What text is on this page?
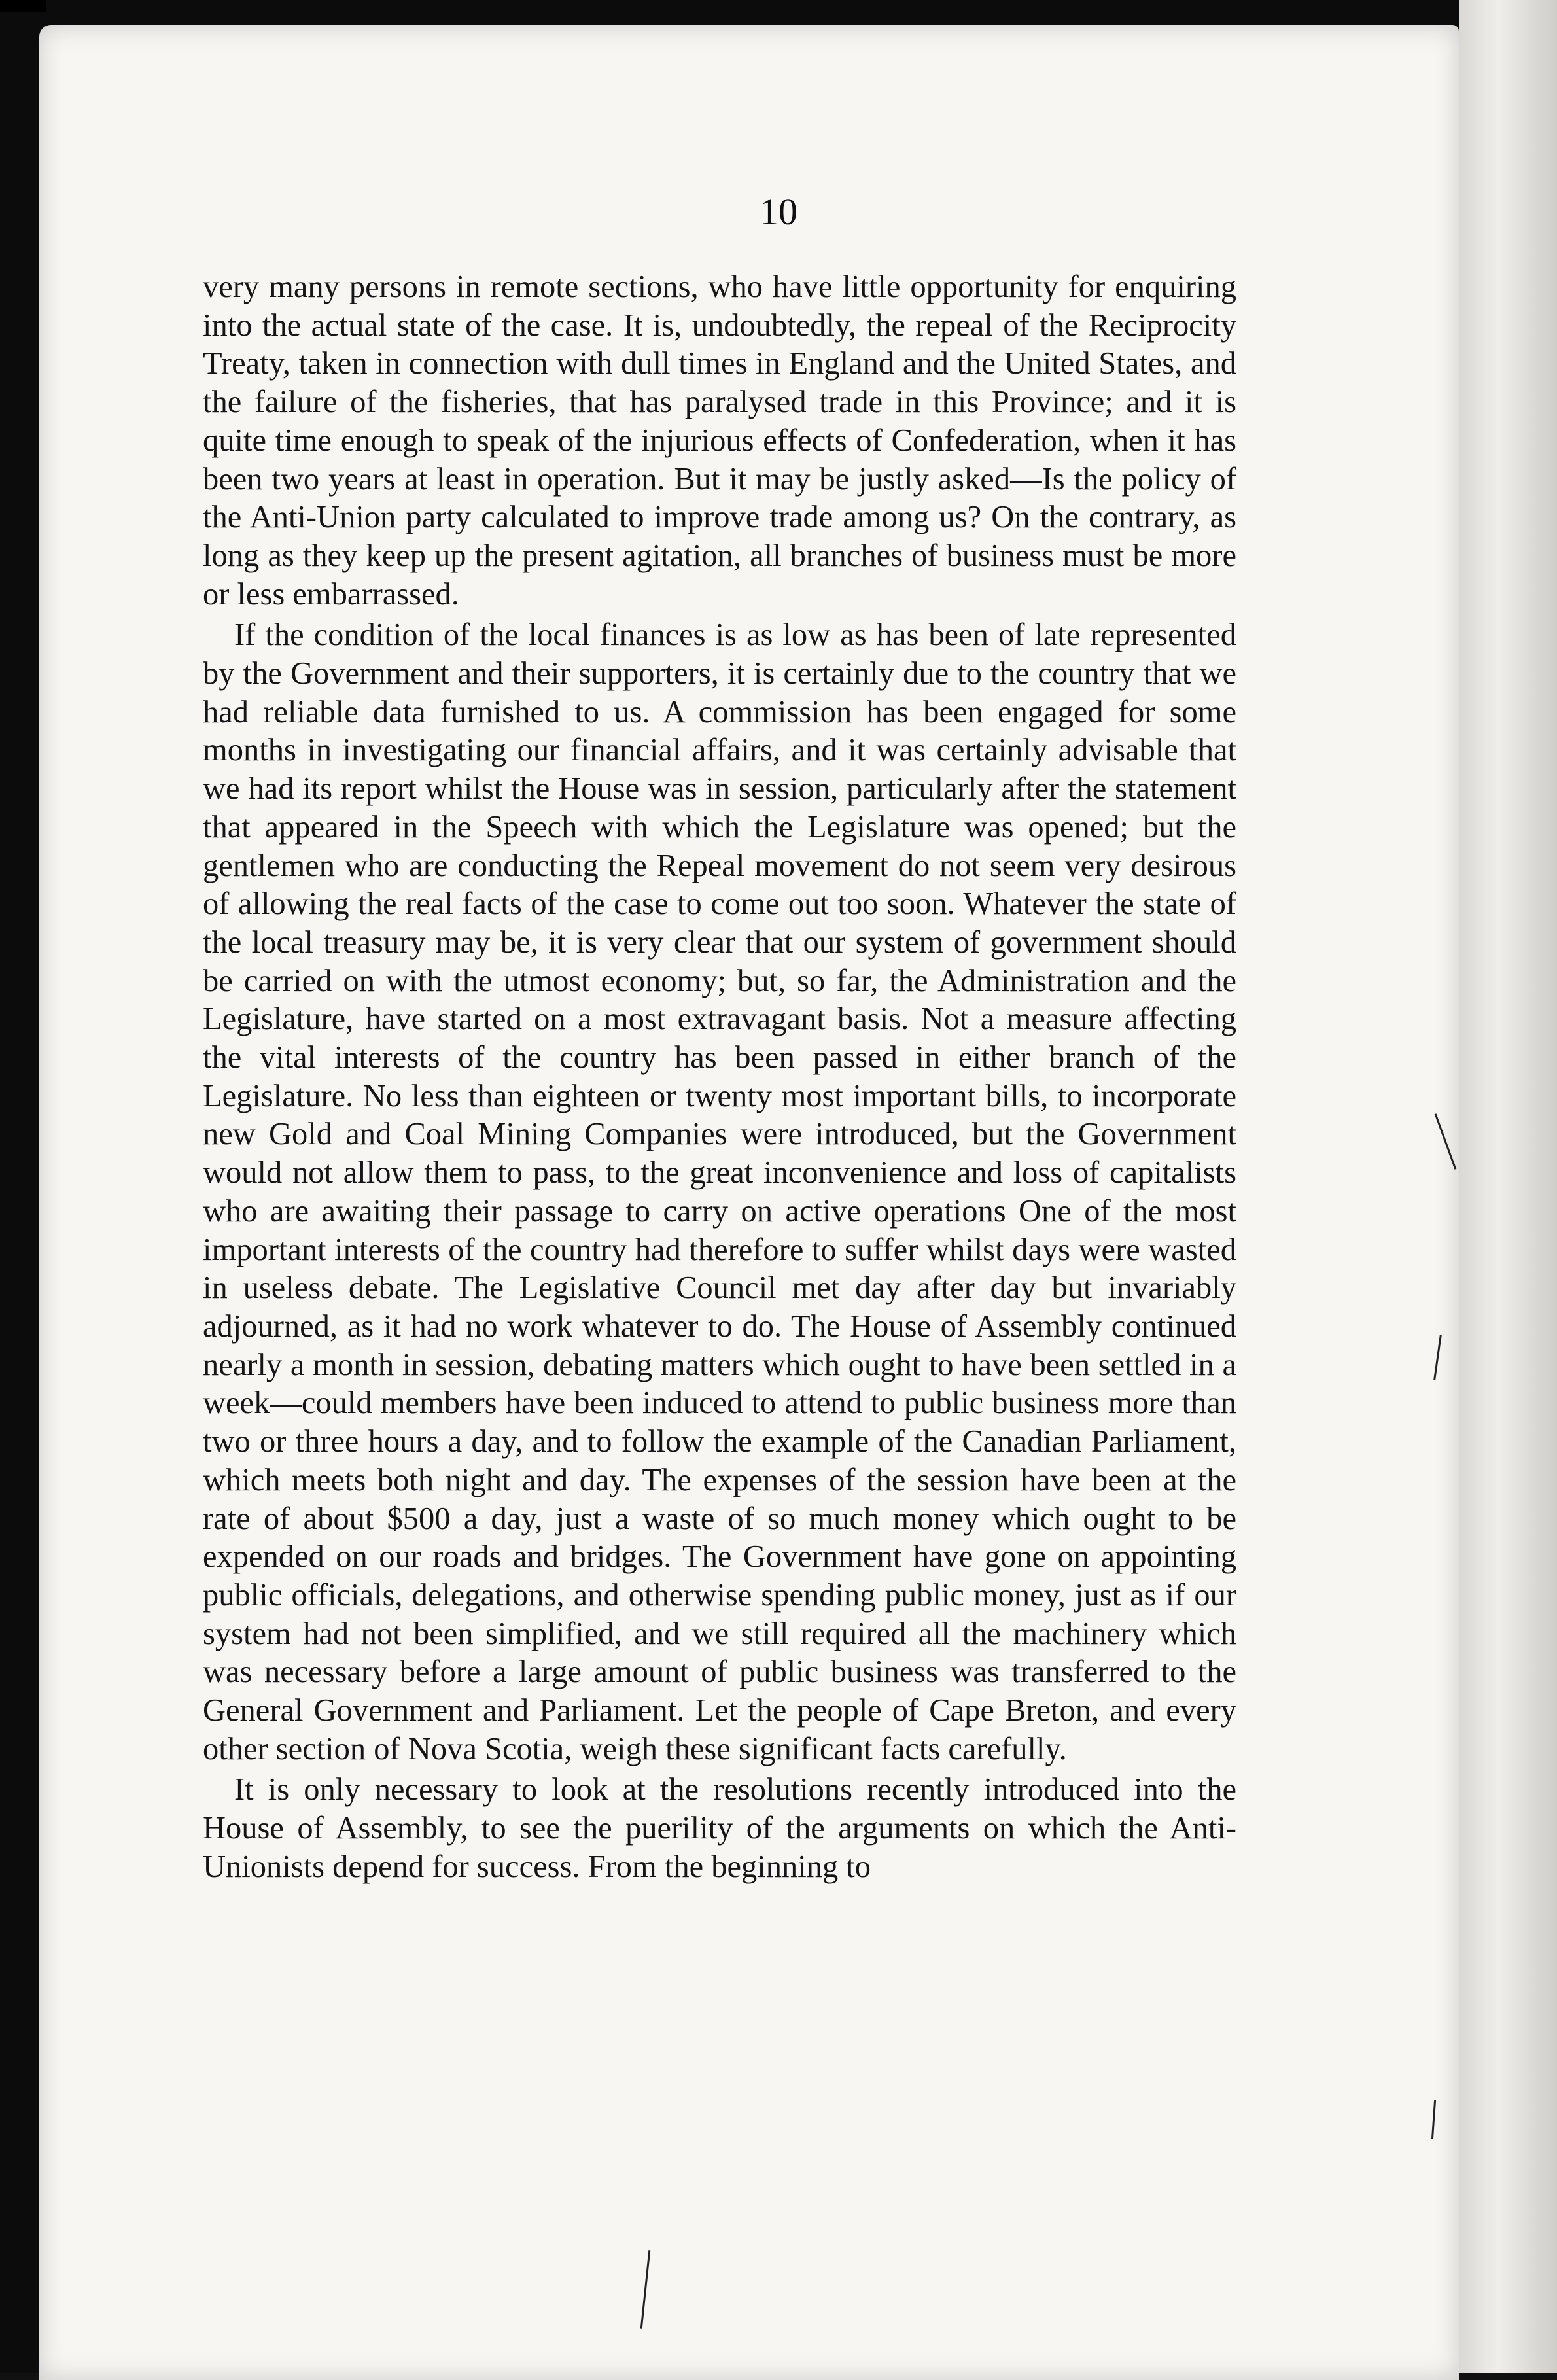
10

very many persons in remote sections, who have little opportunity for enquiring into the actual state of the case. It is, undoubtedly, the repeal of the Reciprocity Treaty, taken in connection with dull times in England and the United States, and the failure of the fisheries, that has paralysed trade in this Province; and it is quite time enough to speak of the injurious effects of Confederation, when it has been two years at least in operation. But it may be justly asked—Is the policy of the Anti-Union party calculated to improve trade among us? On the contrary, as long as they keep up the present agitation, all branches of business must be more or less embarrassed.

If the condition of the local finances is as low as has been of late represented by the Government and their supporters, it is certainly due to the country that we had reliable data furnished to us. A commission has been engaged for some months in investigating our financial affairs, and it was certainly advisable that we had its report whilst the House was in session, particularly after the statement that appeared in the Speech with which the Legislature was opened; but the gentlemen who are conducting the Repeal movement do not seem very desirous of allowing the real facts of the case to come out too soon. Whatever the state of the local treasury may be, it is very clear that our system of government should be carried on with the utmost economy; but, so far, the Administration and the Legislature, have started on a most extravagant basis. Not a measure affecting the vital interests of the country has been passed in either branch of the Legislature. No less than eighteen or twenty most important bills, to incorporate new Gold and Coal Mining Companies were introduced, but the Government would not allow them to pass, to the great inconvenience and loss of capitalists who are awaiting their passage to carry on active operations One of the most important interests of the country had therefore to suffer whilst days were wasted in useless debate. The Legislative Council met day after day but invariably adjourned, as it had no work whatever to do. The House of Assembly continued nearly a month in session, debating matters which ought to have been settled in a week—could members have been induced to attend to public business more than two or three hours a day, and to follow the example of the Canadian Parliament, which meets both night and day. The expenses of the session have been at the rate of about $500 a day, just a waste of so much money which ought to be expended on our roads and bridges. The Government have gone on appointing public officials, delegations, and otherwise spending public money, just as if our system had not been simplified, and we still required all the machinery which was necessary before a large amount of public business was transferred to the General Government and Parliament. Let the people of Cape Breton, and every other section of Nova Scotia, weigh these significant facts carefully.

It is only necessary to look at the resolutions recently introduced into the House of Assembly, to see the puerility of the arguments on which the Anti-Unionists depend for success. From the beginning to
